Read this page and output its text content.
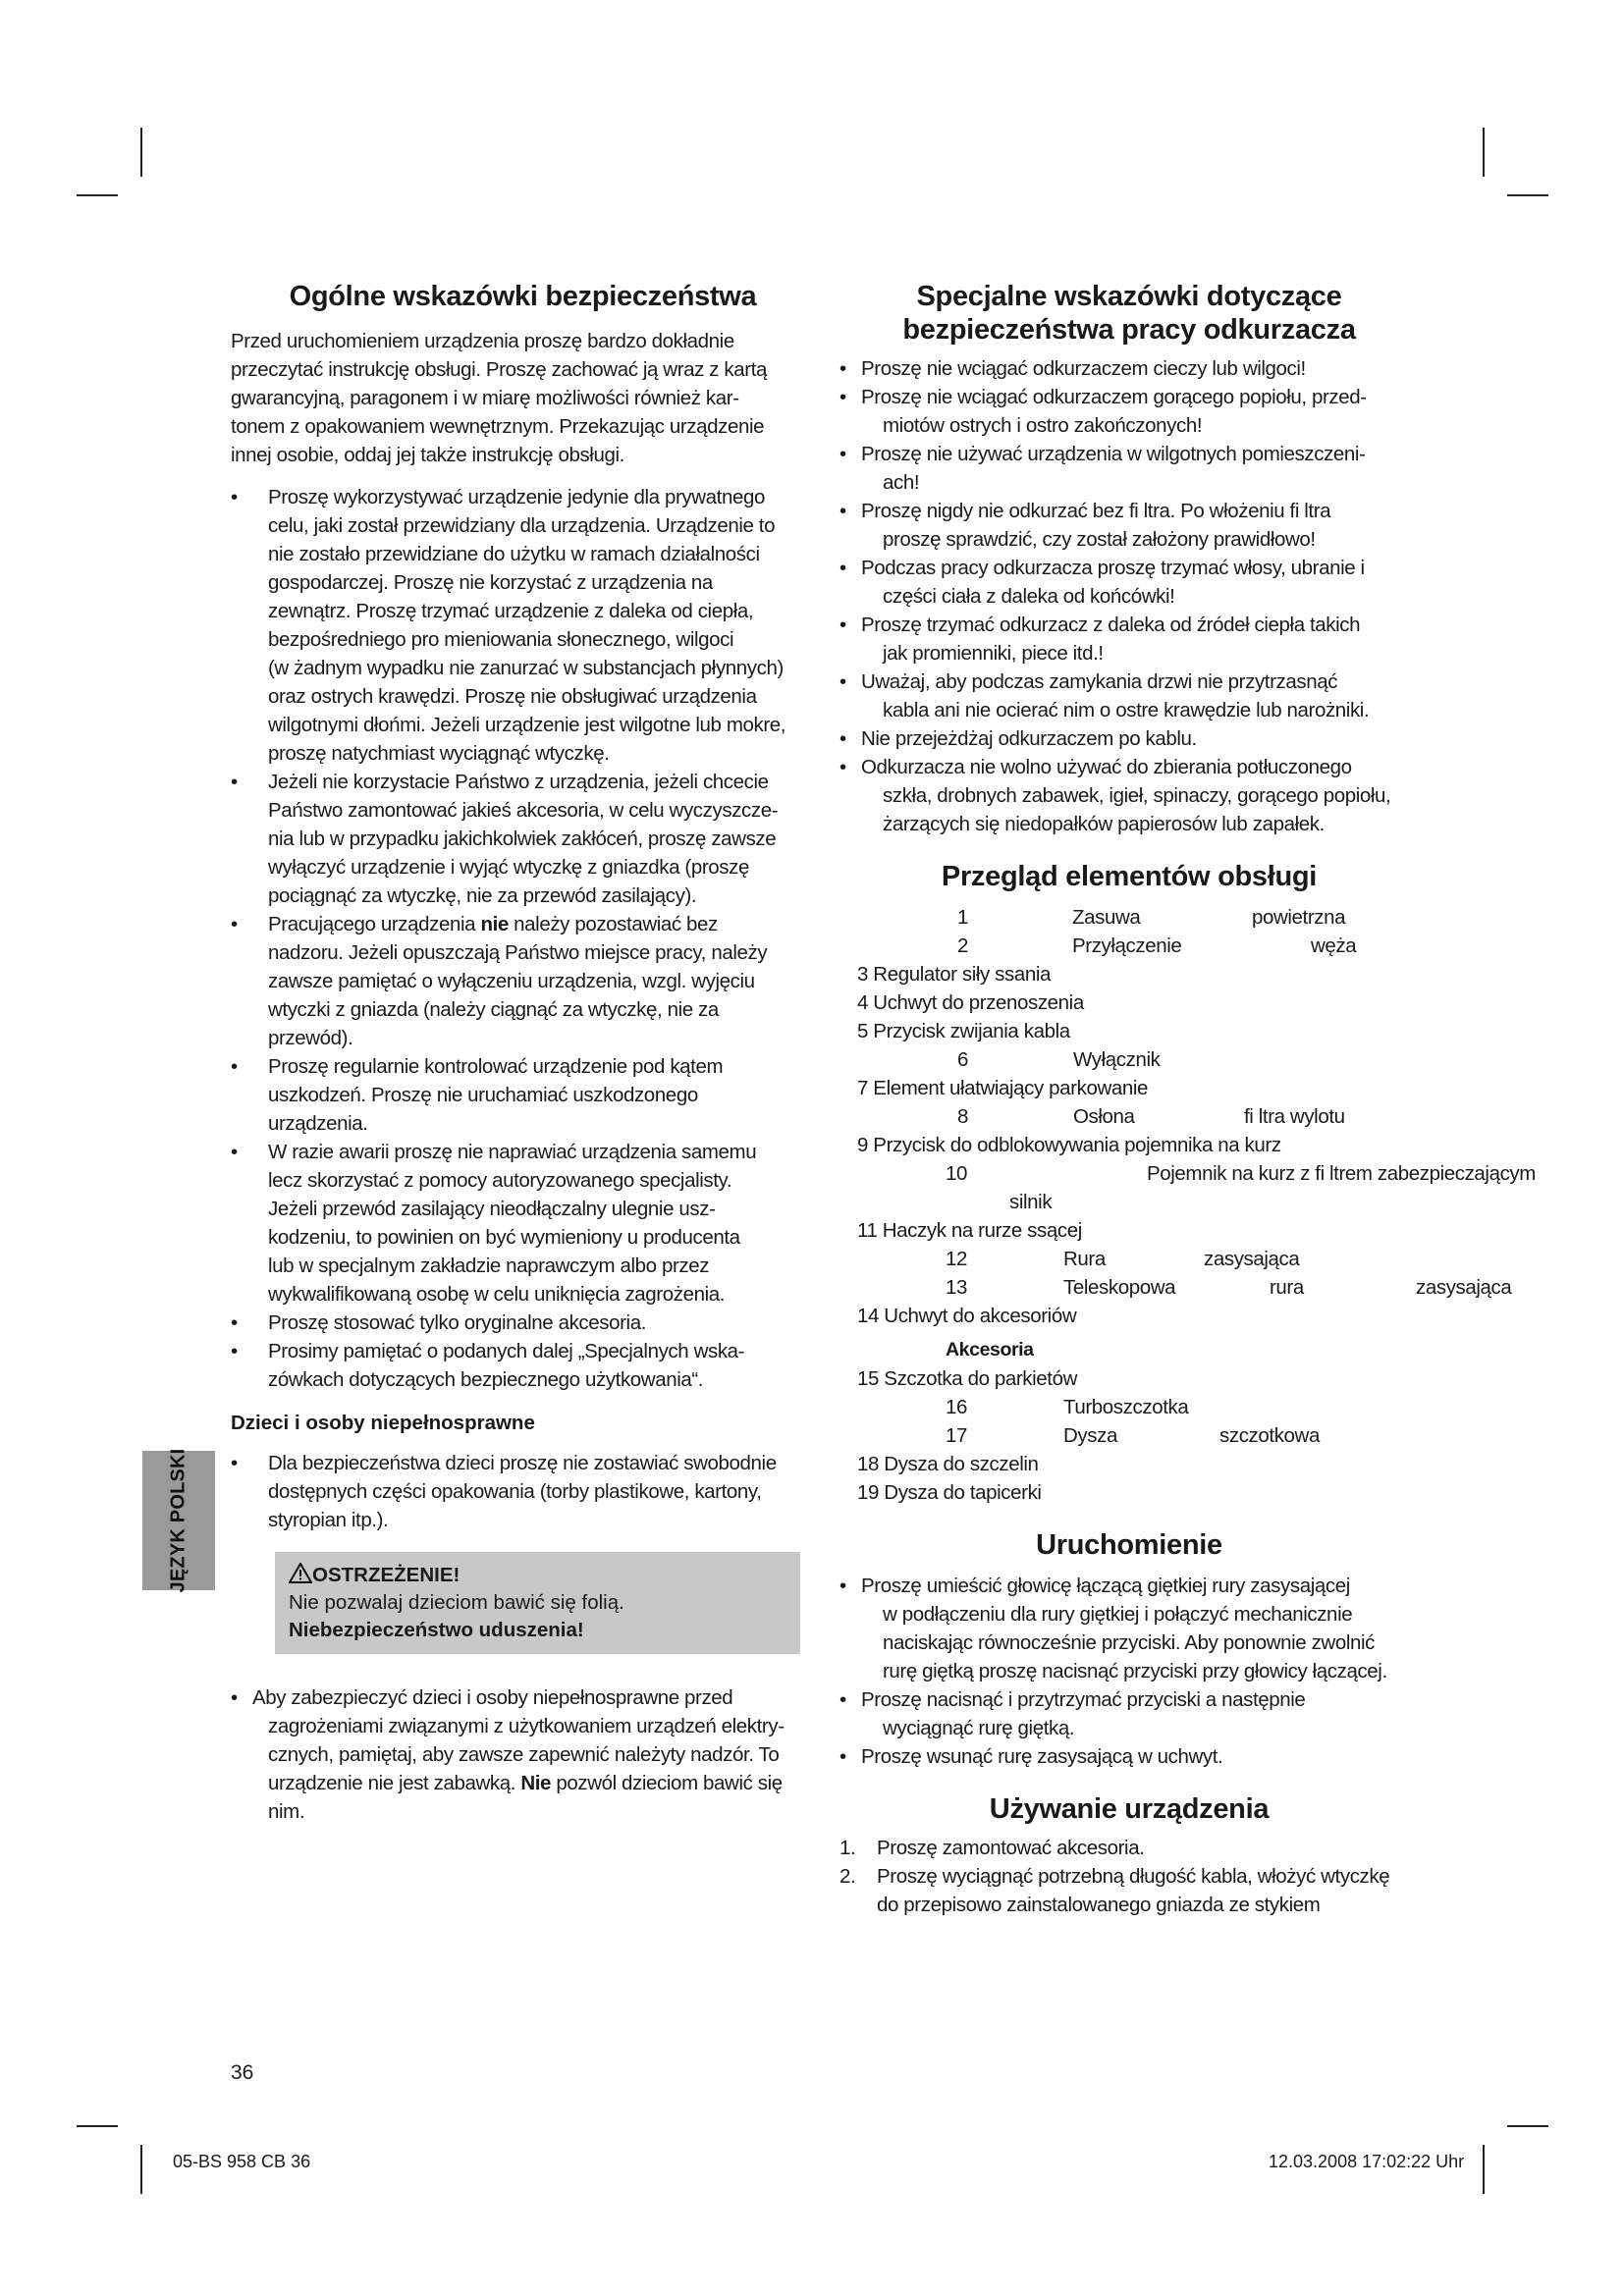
Ogólne wskazówki bezpieczeństwa

Przed uruchomieniem urządzenia proszę bardzo dokładnie
przeczytać instrukcję obsługi. Proszę zachować ją wraz z kartą
gwarancyjną, paragonem i w miarę możliwości również kar-
tonem z opakowaniem wewnętrznym. Przekazując urządzenie
innej osobie, oddaj jej także instrukcję obsługi.

• Proszę wykorzystywać urządzenie jedynie dla prywatnego
celu, jaki został przewidziany dla urządzenia. Urządzenie to
nie zostało przewidziane do użytku w ramach działalności
gospodarczej. Proszę nie korzystać z urządzenia na
zewnątrz. Proszę trzymać urządzenie z daleka od ciepła,
bezpośredniego pro mieniowania słonecznego, wilgoci
(w żadnym wypadku nie zanurzać w substancjach płynnych)
oraz ostrych krawędzi. Proszę nie obsługiwać urządzenia
wilgotnymi dłońmi. Jeżeli urządzenie jest wilgotne lub mokre,
proszę natychmiast wyciągnąć wtyczkę.
• Jeżeli nie korzystacie Państwo z urządzenia, jeżeli chcecie
Państwo zamontować jakieś akcesoria, w celu wyczyszcze-
nia lub w przypadku jakichkolwiek zakłóceń, proszę zawsze
wyłączyć urządzenie i wyjąć wtyczkę z gniazdka (proszę
pociągnąć za wtyczkę, nie za przewód zasilający).
• Pracującego urządzenia nie należy pozostawiać bez
nadzoru. Jeżeli opuszczają Państwo miejsce pracy, należy
zawsze pamiętać o wyłączeniu urządzenia, wzgl. wyjęciu
wtyczki z gniazda (należy ciągnąć za wtyczkę, nie za
przewód).
• Proszę regularnie kontrolować urządzenie pod kątem
uszkodzeń. Proszę nie uruchamiać uszkodzonego
urządzenia.
• W razie awarii proszę nie naprawiać urządzenia samemu
lecz skorzystać z pomocy autoryzowanego specjalisty.
Jeżeli przewód zasilający nieodłączalny ulegnie usz-
kodzeniu, to powinien on być wymieniony u producenta
lub w specjalnym zakładzie naprawczym albo przez
wykwalifikowaną osobę w celu uniknięcia zagrożenia.
• Proszę stosować tylko oryginalne akcesoria.
• Prosimy pamiętać o podanych dalej „Specjalnych wska-
zówkach dotyczących bezpiecznego użytkowania“.
Dzieci i osoby niepełnosprawne
• Dla bezpieczeństwa dzieci proszę nie zostawiać swobodnie
dostępnych części opakowania (torby plastikowe, kartony,
styropian itp.).
OSTRZEŻENIE!
Nie pozwalaj dzieciom bawić się folią.
Niebezpieczeństwo uduszenia!
• Aby zabezpieczyć dzieci i osoby niepełnosprawne przed
zagrożeniami związanymi z użytkowaniem urządzeń elektry-
cznych, pamiętaj, aby zawsze zapewnić należyty nadzór. To
urządzenie nie jest zabawką. Nie pozwól dzieciom bawić się
nim.
Specjalne wskazówki dotyczące
bezpieczeństwa pracy odkurzacza
• Proszę nie wciągać odkurzaczem cieczy lub wilgoci!
• Proszę nie wciągać odkurzaczem gorącego popiołu, przed-
miotów ostrych i ostro zakończonych!
• Proszę nie używać urządzenia w wilgotnych pomieszczeni-
ach!
• Proszę nigdy nie odkurzać bez fi ltra. Po włożeniu fi ltra
proszę sprawdzić, czy został założony prawidłowo!
• Podczas pracy odkurzacza proszę trzymać włosy, ubranie i
części ciała z daleka od końcówki!
• Proszę trzymać odkurzacz z daleka od źródeł ciepła takich
jak promienniki, piece itd.!
• Uważaj, aby podczas zamykania drzwi nie przytrzasnąć
kabla ani nie ocierać nim o ostre krawędzie lub narożniki.
• Nie przejeżdżaj odkurzaczem po kablu.
• Odkurzacza nie wolno używać do zbierania potłuczonego
szkła, drobnych zabawek, igieł, spinaczy, gorącego popiołu,
żarzących się niedopałków papierosów lub zapałek.
Przegląd elementów obsługi
1	Zasuwa	powietrzna
2	Przyłączenie	węża
3 Regulator siły ssania
4 Uchwyt do przenoszenia
5 Przycisk zwijania kabla
6	Wyłącznik
7 Element ułatwiający parkowanie
8	Osłona	fi ltra wylotu
9 Przycisk do odblokowywania pojemnika na kurz
10	Pojemnik na kurz z fi ltrem zabezpieczającym
silnik
11 Haczyk na rurze ssącej
12	Rura	zasysająca
13	Teleskopowa	rura	zasysająca
14 Uchwyt do akcesoriów
Akcesoria
15 Szczotka do parkietów
16	Turboszczotka
17	Dysza	szczotkowa
18 Dysza do szczelin
19 Dysza do tapicerki
Uruchomienie
• Proszę umieścić głowicę łączącą giętkiej rury zasysającej
w podłączeniu dla rury giętkiej i połączyć mechanicznie
naciskając równocześnie przyciski. Aby ponownie zwolnić
rurę giętką proszę nacisnąć przyciski przy głowicy łączącej.
• Proszę nacisnąć i przytrzymać przyciski a następnie
wyciągnąć rurę giętką.
• Proszę wsunąć rurę zasysającą w uchwyt.
Używanie urządzenia
1. Proszę zamontować akcesoria.
2. Proszę wyciągnąć potrzebną długość kabla, włożyć wtyczkę
do przepisowo zainstalowanego gniazda ze stykiem
JĘZYK POLSKI
36
05-BS 958 CB 36	12.03.2008 17:02:22 Uhr
